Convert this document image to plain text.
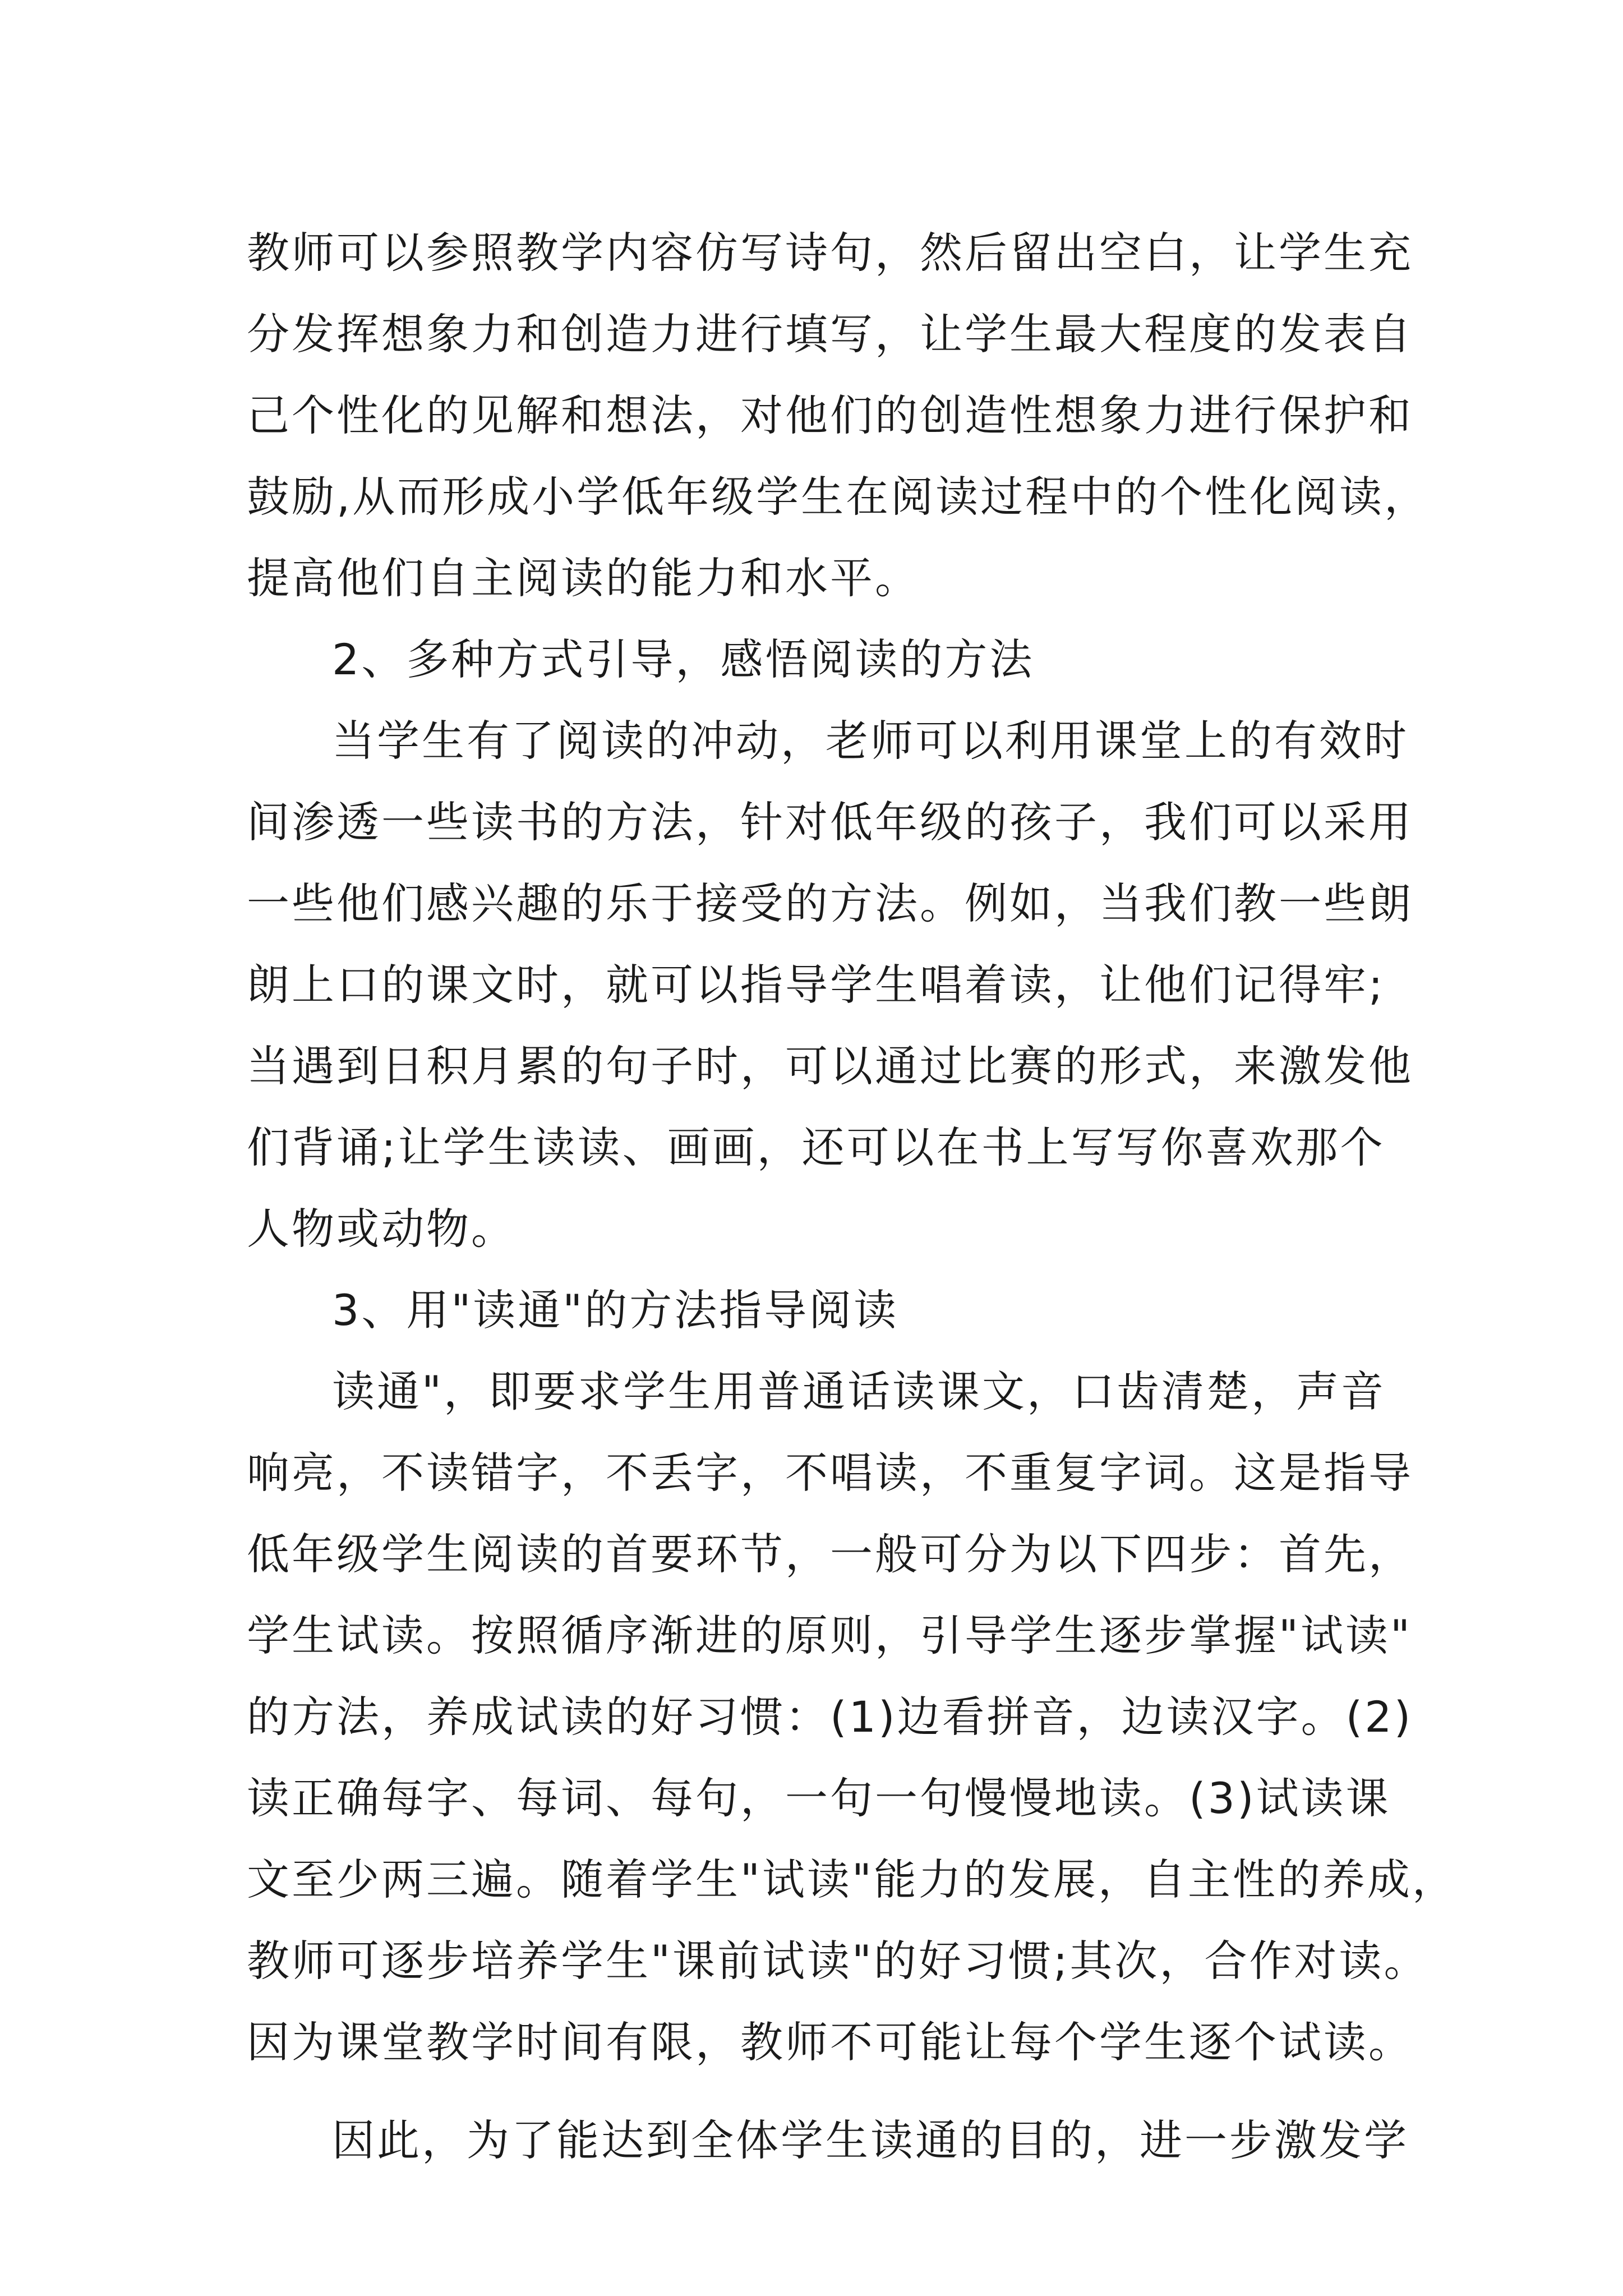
教师可以参照教学内容仿写诗句，然后留出空白，让学生充
分发挥想象力和创造力进行填写，让学生最大程度的发表自
己个性化的见解和想法，对他们的创造性想象力进行保护和
鼓励,从而形成小学低年级学生在阅读过程中的个性化阅读，
提高他们自主阅读的能力和水平。
2、多种方式引导，感悟阅读的方法
当学生有了阅读的冲动，老师可以利用课堂上的有效时
间渗透一些读书的方法，针对低年级的孩子，我们可以采用
一些他们感兴趣的乐于接受的方法。例如，当我们教一些朗
朗上口的课文时，就可以指导学生唱着读，让他们记得牢;
当遇到日积月累的句子时，可以通过比赛的形式，来激发他
们背诵;让学生读读、画画，还可以在书上写写你喜欢那个
人物或动物。
3、用"读通"的方法指导阅读
读通"，即要求学生用普通话读课文，口齿清楚，声音
响亮，不读错字，不丢字，不唱读，不重复字词。这是指导
低年级学生阅读的首要环节，一般可分为以下四步：首先，
学生试读。按照循序渐进的原则，引导学生逐步掌握"试读"
的方法，养成试读的好习惯：(1)边看拼音，边读汉字。(2)
读正确每字、每词、每句，一句一句慢慢地读。(3)试读课
文至少两三遍。随着学生"试读"能力的发展，自主性的养成，
教师可逐步培养学生"课前试读"的好习惯;其次，合作对读。
因为课堂教学时间有限，教师不可能让每个学生逐个试读。
因此，为了能达到全体学生读通的目的，进一步激发学
